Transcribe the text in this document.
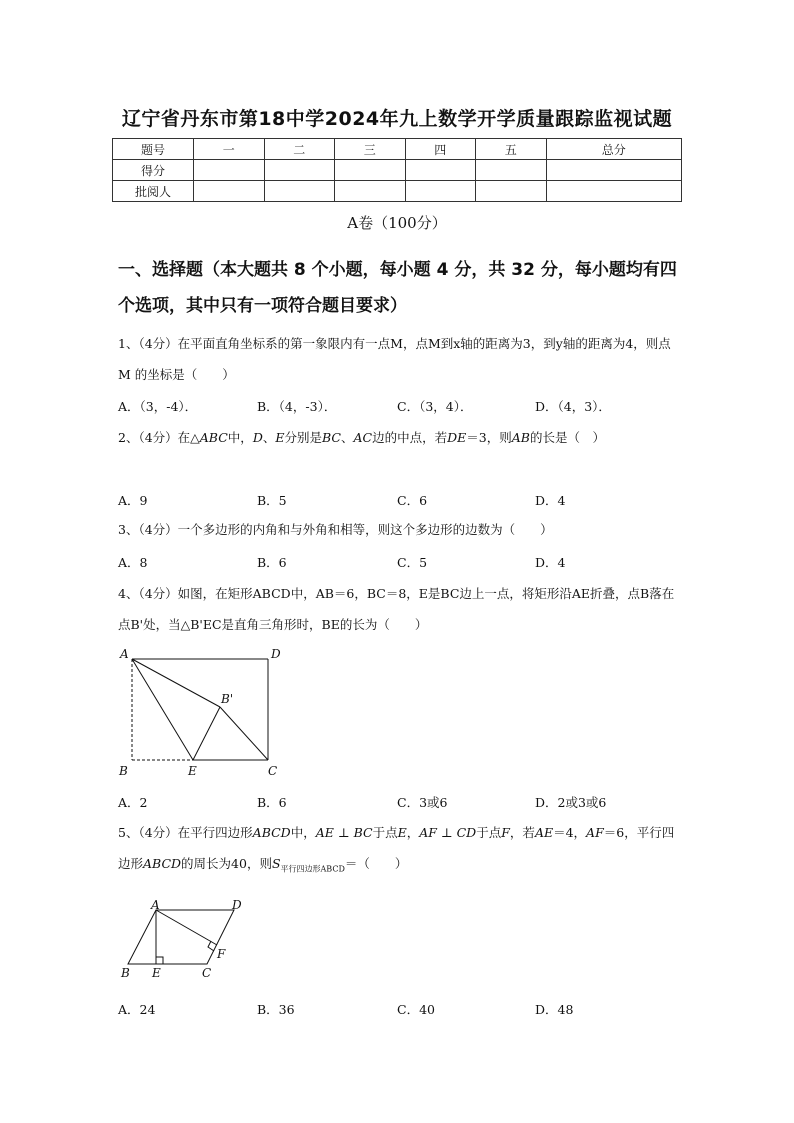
辽宁省丹东市第18中学2024年九上数学开学质量跟踪监视试题
题号	一	二	三	四	五	总分
得分						
批阅人						
A卷（100分）
一、选择题（本大题共 8 个小题，每小题 4 分，共 32 分，每小题均有四个选项，其中只有一项符合题目要求）
1、（4分）在平面直角坐标系的第一象限内有一点M，点M到x轴的距离为3，到y轴的距离为4，则点M 的坐标是（　　）
A．（3，-4）．	B．（4，-3）．	C．（3，4）．	D．（4，3）．
2、（4分）在△ABC中，D、E分别是BC、AC边的中点，若DE＝3，则AB的长是（　）
A．9	B．5	C．6	D．4
3、（4分）一个多边形的内角和与外角和相等，则这个多边形的边数为（　　）
A．8	B．6	C．5	D．4
4、（4分）如图，在矩形ABCD中，AB＝6，BC＝8，E是BC边上一点，将矩形沿AE折叠，点B落在点B'处，当△B'EC是直角三角形时，BE的长为（　　）
A	D
B'
B	E	C
A．2	B．6	C．3或6	D．2或3或6
5、（4分）在平行四边形ABCD中，AE ⊥ BC于点E，AF ⊥ CD于点F，若AE＝4，AF＝6，平行四边形ABCD的周长为40，则$S_{平行四边形ABCD}=$（　　）
A	D
F
B E	C
A．24	B．36	C．40	D．48
